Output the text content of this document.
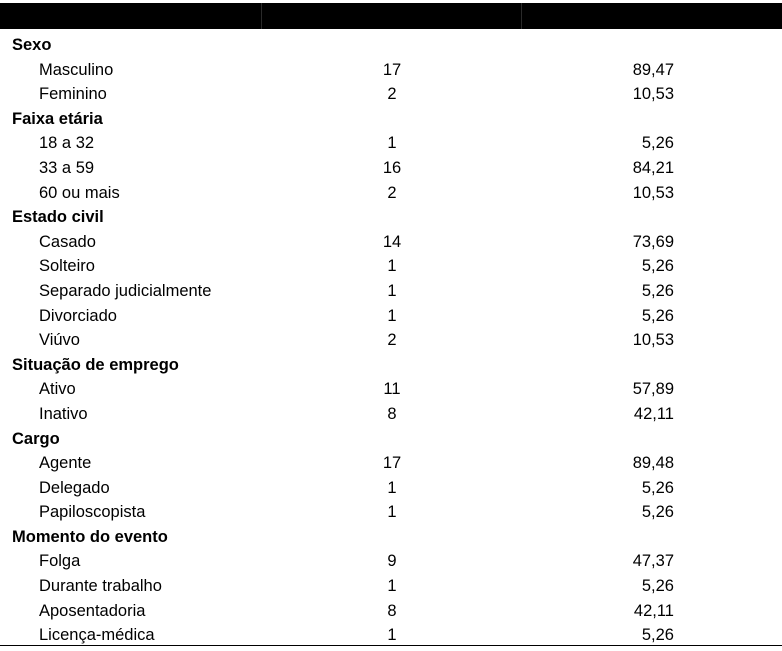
Sexo
Masculino	17	89,47
Feminino	2	10,53
Faixa etária
18 a 32	1	5,26
33 a 59	16	84,21
60 ou mais	2	10,53
Estado civil
Casado	14	73,69
Solteiro	1	5,26
Separado judicialmente	1	5,26
Divorciado	1	5,26
Viúvo	2	10,53
Situação de emprego
Ativo	11	57,89
Inativo	8	42,11
Cargo
Agente	17	89,48
Delegado	1	5,26
Papiloscopista	1	5,26
Momento do evento
Folga	9	47,37
Durante trabalho	1	5,26
Aposentadoria	8	42,11
Licença-médica	1	5,26
